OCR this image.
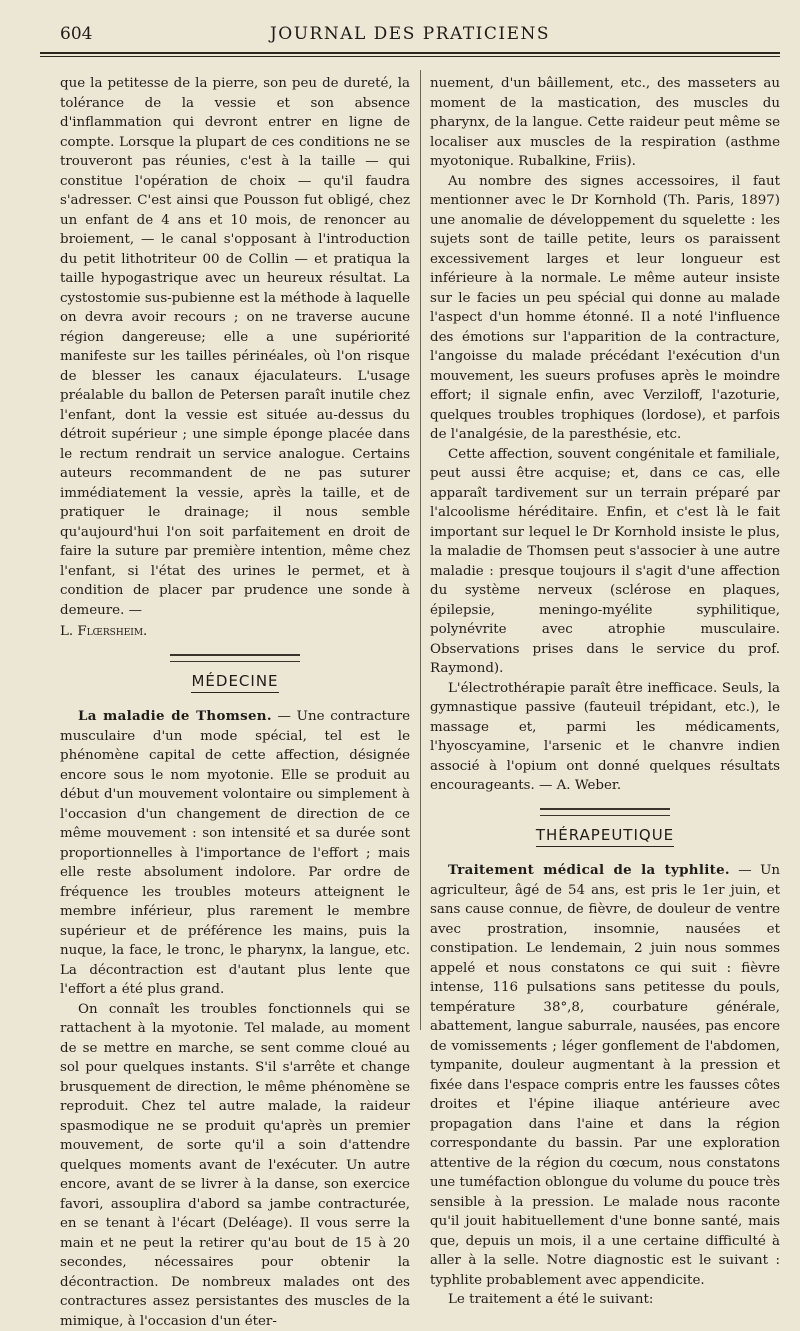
604	JOURNAL DES PRATICIENS

que la petitesse de la pierre, son peu de dureté, la tolérance de la vessie et son absence d'inflammation qui devront entrer en ligne de compte. Lorsque la plupart de ces conditions ne se trouveront pas réunies, c'est à la taille — qui constitue l'opération de choix — qu'il faudra s'adresser. C'est ainsi que Pousson fut obligé, chez un enfant de 4 ans et 10 mois, de renoncer au broiement, — le canal s'opposant à l'introduction du petit lithotriteur 00 de Collin — et pratiqua la taille hypogastrique avec un heureux résultat. La cystostomie sus-pubienne est la méthode à laquelle on devra avoir recours ; on ne traverse aucune région dangereuse; elle a une supériorité manifeste sur les tailles périnéales, où l'on risque de blesser les canaux éjaculateurs. L'usage préalable du ballon de Petersen paraît inutile chez l'enfant, dont la vessie est située au-dessus du détroit supérieur ; une simple éponge placée dans le rectum rendrait un service analogue. Certains auteurs recommandent de ne pas suturer immédiatement la vessie, après la taille, et de pratiquer le drainage; il nous semble qu'aujourd'hui l'on soit parfaitement en droit de faire la suture par première intention, même chez l'enfant, si l'état des urines le permet, et à condition de placer par prudence une sonde à demeure. —

L. Flœrsheim.

MÉDECINE

La maladie de Thomsen. — Une contracture musculaire d'un mode spécial, tel est le phénomène capital de cette affection, désignée encore sous le nom myotonie. Elle se produit au début d'un mouvement volontaire ou simplement à l'occasion d'un changement de direction de ce même mouvement : son intensité et sa durée sont proportionnelles à l'importance de l'effort ; mais elle reste absolument indolore. Par ordre de fréquence les troubles moteurs atteignent le membre inférieur, plus rarement le membre supérieur et de préférence les mains, puis la nuque, la face, le tronc, le pharynx, la langue, etc. La décontraction est d'autant plus lente que l'effort a été plus grand.

On connaît les troubles fonctionnels qui se rattachent à la myotonie. Tel malade, au moment de se mettre en marche, se sent comme cloué au sol pour quelques instants. S'il s'arrête et change brusquement de direction, le même phénomène se reproduit. Chez tel autre malade, la raideur spasmodique ne se produit qu'après un premier mouvement, de sorte qu'il a soin d'attendre quelques moments avant de l'exécuter. Un autre encore, avant de se livrer à la danse, son exercice favori, assouplira d'abord sa jambe contracturée, en se tenant à l'écart (Deléage). Il vous serre la main et ne peut la retirer qu'au bout de 15 à 20 secondes, nécessaires pour obtenir la décontraction. De nombreux malades ont des contractures assez persistantes des muscles de la mimique, à l'occasion d'un éter-

nuement, d'un bâillement, etc., des masseters au moment de la mastication, des muscles du pharynx, de la langue. Cette raideur peut même se localiser aux muscles de la respiration (asthme myotonique. Rubalkine, Friis).

Au nombre des signes accessoires, il faut mentionner avec le Dr Kornhold (Th. Paris, 1897) une anomalie de développement du squelette : les sujets sont de taille petite, leurs os paraissent excessivement larges et leur longueur est inférieure à la normale. Le même auteur insiste sur le facies un peu spécial qui donne au malade l'aspect d'un homme étonné. Il a noté l'influence des émotions sur l'apparition de la contracture, l'angoisse du malade précédant l'exécution d'un mouvement, les sueurs profuses après le moindre effort; il signale enfin, avec Verziloff, l'azoturie, quelques troubles trophiques (lordose), et parfois de l'analgésie, de la paresthésie, etc.

Cette affection, souvent congénitale et familiale, peut aussi être acquise; et, dans ce cas, elle apparaît tardivement sur un terrain préparé par l'alcoolisme héréditaire. Enfin, et c'est là le fait important sur lequel le Dr Kornhold insiste le plus, la maladie de Thomsen peut s'associer à une autre maladie : presque toujours il s'agit d'une affection du système nerveux (sclérose en plaques, épilepsie, meningo-myélite syphilitique, polynévrite avec atrophie musculaire. Observations prises dans le service du prof. Raymond).

L'électrothérapie paraît être inefficace. Seuls, la gymnastique passive (fauteuil trépidant, etc.), le massage et, parmi les médicaments, l'hyoscyamine, l'arsenic et le chanvre indien associé à l'opium ont donné quelques résultats encourageants. — A. Weber.

THÉRAPEUTIQUE

Traitement médical de la typhlite. — Un agriculteur, âgé de 54 ans, est pris le 1er juin, et sans cause connue, de fièvre, de douleur de ventre avec prostration, insomnie, nausées et constipation. Le lendemain, 2 juin nous sommes appelé et nous constatons ce qui suit : fièvre intense, 116 pulsations sans petitesse du pouls, température 38°,8, courbature générale, abattement, langue saburrale, nausées, pas encore de vomissements ; léger gonflement de l'abdomen, tympanite, douleur augmentant à la pression et fixée dans l'espace compris entre les fausses côtes droites et l'épine iliaque antérieure avec propagation dans l'aine et dans la région correspondante du bassin. Par une exploration attentive de la région du cœcum, nous constatons une tuméfaction oblongue du volume du pouce très sensible à la pression. Le malade nous raconte qu'il jouit habituellement d'une bonne santé, mais que, depuis un mois, il a une certaine difficulté à aller à la selle. Notre diagnostic est le suivant : typhlite probablement avec appendicite.

Le traitement a été le suivant:
